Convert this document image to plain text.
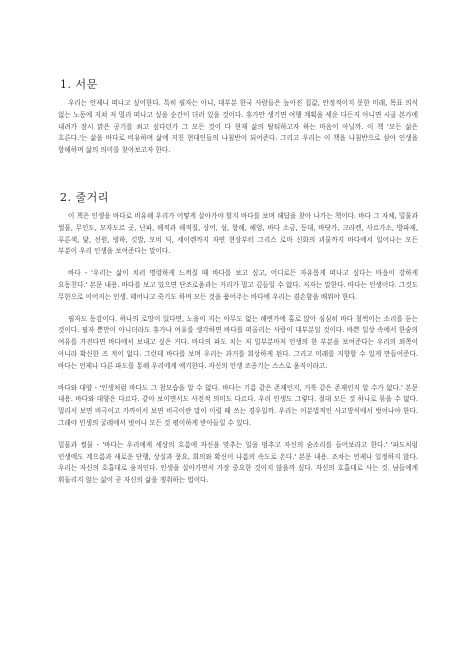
1. 서문

우리는 언제나 떠나고 싶어한다. 특히 필자는 아니, 대부분 한국 사람들은 높아진 집값, 안정적이지 못한 미래, 목표 의식 없는 노동에 지쳐 저 멀리 떠나고 싶을 순간이 더러 있을 것이다. 휴가만 생기면 여행 계획을 세운 다든지 아니면 시골 본가에 내려가 잠시 맑은 공기를 쐬고 싶다던가 그 모든 것이 다 현재 삶의 탈티하고자 하는 마음이 아닐까. 이 책 '모든 삶은 흐른다.'는 삶을 바다로 비유하며 삶에 지친 현대인들의 나침반이 되어준다. 그리고 우리는 이 책을 나침반으로 삼아 인생을 항해하며 삶의 의미를 찾아보고자 한다.

2. 줄거리

이 책은 인생을 바다로 비유해 우리가 어떻게 살아가야 할지 바다를 보며 해답을 찾아 나가는 책이다. 바다 그 자체, 밀물과 썰물, 무인도, 모자도르 곳, 난파, 해적과 해적질, 상어, 섬, 항해, 헤엄, 바다 소금, 등대, 바닷가, 크라켄, 사르가소, 방파제, 푸른색, 닻, 선원, 빙하, 깃발, 모비 딕, 세이렌까지 자연 현상부터 그리스 로마 신화의 괴물까지 바다에서 일어나는 모든 부분이 우리 인생을 보여준다는 말이다.

바다 - '우리는 삶이 치러 명령하게 느껴질 때 바다를 보고 싶고, 어디로든 자유롭게 떠나고 싶다는 마음이 강하게 요동친다.' 본문 내용. 바다를 보고 있으면 단조로움과는 거리가 멀고 깊들일 수 없다. 저자는 말한다. 바다는 인생이다. 그것도 무한으로 이어지는 인생. 태어나고 죽기도 하며 모든 것을 품어주는 바다에 우리는 겸손함을 배워야 한다.

필자도 동감이다. 하나의 로망이 있다면, 노을이 지는 아무도 없는 해변가에 홀로 앉아 심심히 바다 철썩이는 소리를 듣는 것이다. 필자 뿐만이 아니더라도 휴가나 여유를 생각하면 바다를 떠올리는 사람이 대부분일 것이다. 바쁜 일상 속에서 한숨의 여유를 가진다면 바다에서 보내고 싶은 거다. 바다의 파도 치는 저 일부분마저 인생의 한 부분을 보여준다는 우리의 외쪽이 아니라 확신한 즈 적이 없다. 그런데 바다를 보며 우리는 과거를 회상하게 된다. 그리고 미래를 지향할 수 있게 만들어준다. 바다는 언제나 다른 파도를 통해 우리에게 얘기한다. 자신의 인생 조종기는 스스로 움직이라고.

바다와 대양 - '인생처럼 바다도 그 참모습을 알 수 없다. 바다는 기름 같은 존재인지, 거룩 같은 존재인지 알 수가 없다.' 본문 내용. 바다와 대양은 다르다. 같아 보이면서도 사전적 의미도 다르다. 우리 인생도 그렇다. 절대 모든 것 하나로 묶을 수 없다. 멀리서 보면 비극이고 가까이서 보면 비극이란 말이 이럴 때 쓰는 경우일까. 우리는 이분법적인 사고방식에서 벗어나야 한다. 그래야 인생의 굴레에서 벗어나 모든 것 평이하게 받아들일 수 있다.

밀물과 썰물 - '바다는 우리에게 세상의 흐름에 자신을 맞추는 일을 멈추고 자신의 숨소리를 들어보라고 한다.' '파도처럼 인생에도 계으름과 새로운 단행, 상실과 풍요, 회의와 확신이 나름의 속도로 온다.' 본문 내용. 조차는 언제나 일정하지 않다. 우리는 자신의 호흡대로 움직인다. 인생을 살아가면서 가장 중요한 것이지 않을까 싶다. 자신의 호흡대로 사는 것. 남들에게 휘둘리지 않는 삶이 곧 자신의 삶을 쟁취하는 법이다.
